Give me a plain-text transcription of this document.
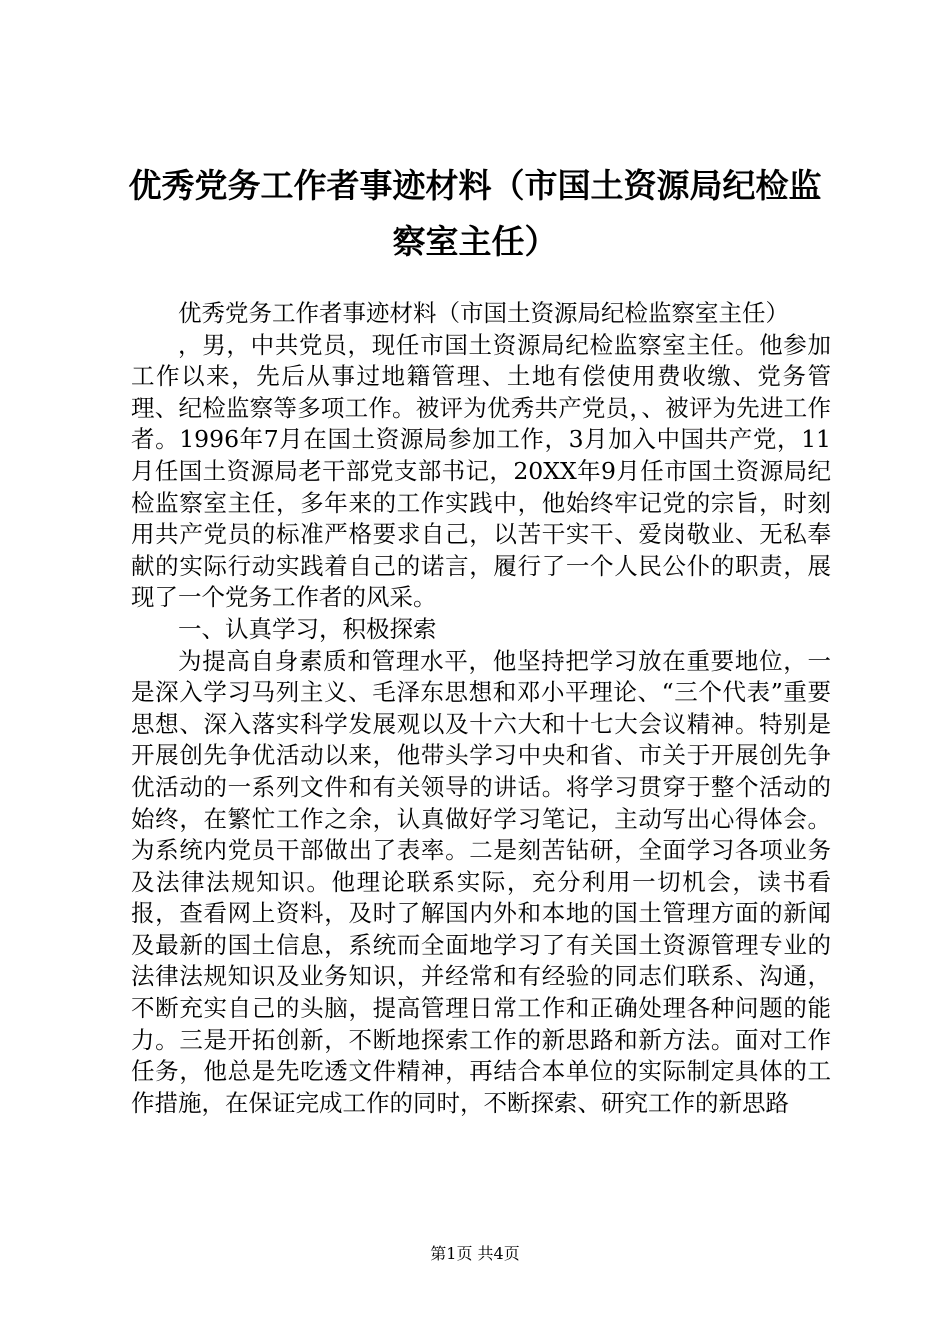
优秀党务工作者事迹材料（市国土资源局纪检监察室主任）

优秀党务工作者事迹材料（市国土资源局纪检监察室主任）

，男，中共党员，现任市国土资源局纪检监察室主任。他参加工作以来，先后从事过地籍管理、土地有偿使用费收缴、党务管理、纪检监察等多项工作。被评为优秀共产党员，、被评为先进工作者。1996年7月在国土资源局参加工作，3月加入中国共产党，11月任国土资源局老干部党支部书记，20XX年9月任市国土资源局纪检监察室主任，多年来的工作实践中，他始终牢记党的宗旨，时刻用共产党员的标准严格要求自己，以苦干实干、爱岗敬业、无私奉献的实际行动实践着自己的诺言，履行了一个人民公仆的职责，展现了一个党务工作者的风采。

一、认真学习，积极探索

为提高自身素质和管理水平，他坚持把学习放在重要地位，一是深入学习马列主义、毛泽东思想和邓小平理论、“三个代表”重要思想、深入落实科学发展观以及十六大和十七大会议精神。特别是开展创先争优活动以来，他带头学习中央和省、市关于开展创先争优活动的一系列文件和有关领导的讲话。将学习贯穿于整个活动的始终，在繁忙工作之余，认真做好学习笔记，主动写出心得体会。为系统内党员干部做出了表率。二是刻苦钻研，全面学习各项业务及法律法规知识。他理论联系实际，充分利用一切机会，读书看报，查看网上资料，及时了解国内外和本地的国土管理方面的新闻及最新的国土信息，系统而全面地学习了有关国土资源管理专业的法律法规知识及业务知识，并经常和有经验的同志们联系、沟通，不断充实自己的头脑，提高管理日常工作和正确处理各种问题的能力。三是开拓创新，不断地探索工作的新思路和新方法。面对工作任务，他总是先吃透文件精神，再结合本单位的实际制定具体的工作措施，在保证完成工作的同时，不断探索、研究工作的新思路

第1页 共4页
